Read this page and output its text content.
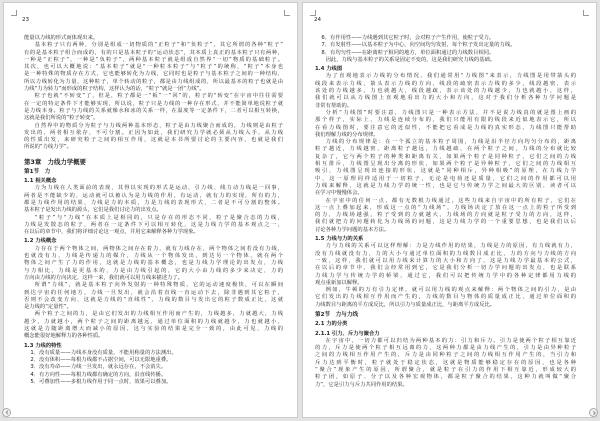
23
能量以力线的形式而体现出来。
基本粒子只有两种，分别是组成一切物质的“正粒子”和“负粒子”，其它所谓的各种“粒子”
有的是基本粒子组合而成的，有的只是基本粒子的“运动状态”，其本质上真正的基本粒子只有两种，
一种是“正粒子”，一种是“负粒子”，两种基本粒子就是组成自然界“一切”物质的基础粒子。
其次，也可以大概地说：“基本粒子”就是“一种粒本粒子”与“粒子”的统称，“粒子”本身也
是一种特殊的物质存在方式，它也能够转化为力线，它同时也是粒子与基本粒子之间的一种结构，
所以力线转化为力量，这种粒子，单个转动的粒子，都是由力线组成的，所以最基本的粒子也就是由
力线“力为转力”而形成的粒子结构，这样认为的话，“粒子”就是一团“力线”。
粒子也就“不转变”了，但是，粒子都是一“板”一“回”的，粒子的“转变”在宇宙中往往需要
在一定的特定条件下才能够实现，所以说，粒子只是力线的一种存在形式，并不能简单地说粒子就
是力线本身。粒子与力线的关系就像水和冰的关系一样，在温度等一定条件下，二者可以相互转换，
这就是我们所说的“粒子转变”。
自然界中的物质分为粒子与力线两种基本形态，粒子是由力线聚合而成的，力线则是由粒子
发出的，两者相互依存，不可分割。正因为如此，我们研究力学就必须从力线入手，从力线
的性质出发，来研究粒子之间的相互作用，这就是本书所要讨论的主要内容，也就是我们
所说的“力线力学”。
第3章　力线力学概要
第1节　力
1.1 相关概念
力为力线在人类面前的表现，其得以实现的形式是运动，引力线、线力动力线是一回事，
两者是不能缺少的，运动就可以被认为是力线的作用，有运动，就有力的实现，所有的力，
都是力线作用的结果，力线是力的本质，力是力线的表现形式，二者是不可分割的整体。
基本粒子是发出力线的源头，它们是我们讨论力的出发点。
“粒子”与“力线”在本质上是相同的，只是存在的形态不同，粒子是聚合态的力线，
力线是发散态的粒子，两者在一定条件下可以相互转化，这是力线力学的基本观点之一，
在以后的章节中，我们将详细讨论这一观点，并用它来解释各种力学现象。
1.2 力线概念
力存在于两个物体之间，两物体之间存在着力，就有力线存在，两个物体之间若没有力线，
也就没有力，力线是传递力的媒介，力线从一个物体发出，到达另一个物体，就在两个
物体之间产生了力的作用，这就是力线的基本概念，也是力线力学理论的出发点，力线
与力相比，力线是更基本的，力是由力线引起的，它的大小由力线的多少来决定，力的
方向由力线的方向决定，这样一来，我们就可以用力线来描述力了。
所谓“力线”，就是基本粒子向外发射的一种特殊物质，它的运动速度极快，可以在瞬间
到达宇宙的任何地方，力线一旦发出，就会沿着直线一直运动下去，除非遇到其它粒子，
否则不会改变方向，这就是力线的“直线性”，力线的数目与发出它的粒子数成正比，这就
是力线的“定量性”。
两个粒子之间的力，是由它们发出的力线相互作用而产生的，力线越多，力就越大，力线
越少，力就越小，两个粒子之间的距离越远，通过单位面积的力线就越少，力也就越小，
这就是力随距离增大而减小的原因，这与实验的结果是完全一致的，由此可见，力线的
概念能很好地解释力的各种性质。
1.3 力线的特性
1．没有质量——力线本身没有质量，不能用称量的方法测出。
2．没有体积——每根力线都不占据空间，可以无限地重叠。
3．没有寿命——力线一旦发出，就永远存在，不会消失。
4．有方向性——每根力线都有确定的方向，沿直线传播。
5．可叠加性——多根力线作用于同一点时，效果可以叠加。
24
6．有作用性——力线遇到其它粒子时，会对粒子产生作用，使粒子受力。
7．有发射性——以基本粒子为中心，向空间均匀发射，每个粒子发出定量的力线。
8．有均匀性——在距离粒子相同的地方，单位面积通过的力线数目相同。
因此，力线与基本粒子的关系是固定不变的，这是我们研究力线的基础。
1.4 力线图
为了直观地表示力线的分布情况，我们通常用“力线图”来表示，力线图是用带箭头的
线段来表示力线，箭头表示力线的方向，线段的疏密表示力线的多少，线段越密，表示
该处的力线越多，力也就越大，线段越疏，表示该处的力线越少，力也就越小，这样，
我们就可以从力线图上直观地看出力的大小和方向，这对于我们分析各种力学问题是
非常有帮助的。
分析“力线图”时要注意，力线图只是一种表示方法，并不是说力线真的就是图上画的
那个样子，实际上，力线是连续分布的，我们只能用有限的线段来近似地表示它，所以
在看力线图时，要注意它的近似性，不能把它看成是力线的真实形态，力线图只能帮助
我们理解力线的分布规律。
力线的分布规律是：在一个孤立的基本粒子周围，力线是沿半径方向均匀分布的，距离
粒子越近，力线越密，距离粒子越远，力线越疏，在两个粒子之间，力线的分布就比较
复杂了，它与两个粒子的种类和距离有关，如果两个粒子是同种粒子，它们之间的力线
相互排斥，力线图呈现出分离的形状，如果两个粒子是异种粒子，它们之间的力线相互
吸引，力线图呈现出连接的形状，这就是“同种相斥，异种相吸”的原理，在力线力学
中，这一原理同样适用于一切粒子，无论是电荷还是质量，它们之间的作用都可以用
力线来解释，这就是力线力学的统一性，也是它与传统力学之间最大的区别，读者可以
在学习中慢慢体会。
在宇宙中的任何一点，都有无数根力线通过，这些力线来自宇宙中的所有粒子，它们在
这一点上叠加起来，形成这一点的“力线场”，力线场决定了放在这一点上的粒子所受到
的力，力线场越强，粒子受到的力就越大，力线场的方向就是粒子受力的方向，这样，
我们就把力的问题转化为力线场的问题，这是力线力学的一个重要思想，也是我们以后
讨论各种力学问题的基本方法。
1.5 力线与力的关系
力与力线的关系可以这样理解：力是力线作用的结果，力线是力的原因，有力线就有力，
没有力线就没有力，力的大小与通过单位面积的力线数目成正比，力的方向与力线的方向
一致，这样，我们就可以用力线来计算力的大小和方向了，这是力线力学最基本的公式，
在以后的章节中，我们会经常用到它，它是我们分析一切力学问题的出发点，也是联系
力线力学与传统力学的桥梁，通过它，我们可以把传统力学中的各种定律都用力线的
观点重新加以解释。
例如，牛顿的万有引力定律，就可以用力线的观点来解释：两个物体之间的引力，是由
它们发出的力线相互作用而产生的，力线的数目与物体的质量成正比，通过单位面积的
力线数目与距离的平方成反比，所以引力与质量成正比，与距离平方成反比。
第2节　力与力线
2.1 力的分类
2.1.1 引力、斥力与聚合力
在宇宙中，一切力都可以归结为两种基本的力：引力和斥力。引力是使两个粒子相互靠近
的力，斥力是使两个粒子相互远离的力，这两种力都是由力线产生的，引力是由异种粒子
之间的力线相互作用产生的，斥力是由同种粒子之间的力线相互作用产生的，当引力和
斥力达到平衡时，粒子就处于稳定状态，这就是物质能够稳定存在的原因，也是各种
“聚合”现象产生的原因，所谓聚合，就是粒子在引力的作用下相互靠近，形成较大的
粒子团，如原子、分子以及各种宏观物体，都是粒子聚合的结果，这种力就叫做“聚合
力”，它是引力与斥力共同作用的结果。
